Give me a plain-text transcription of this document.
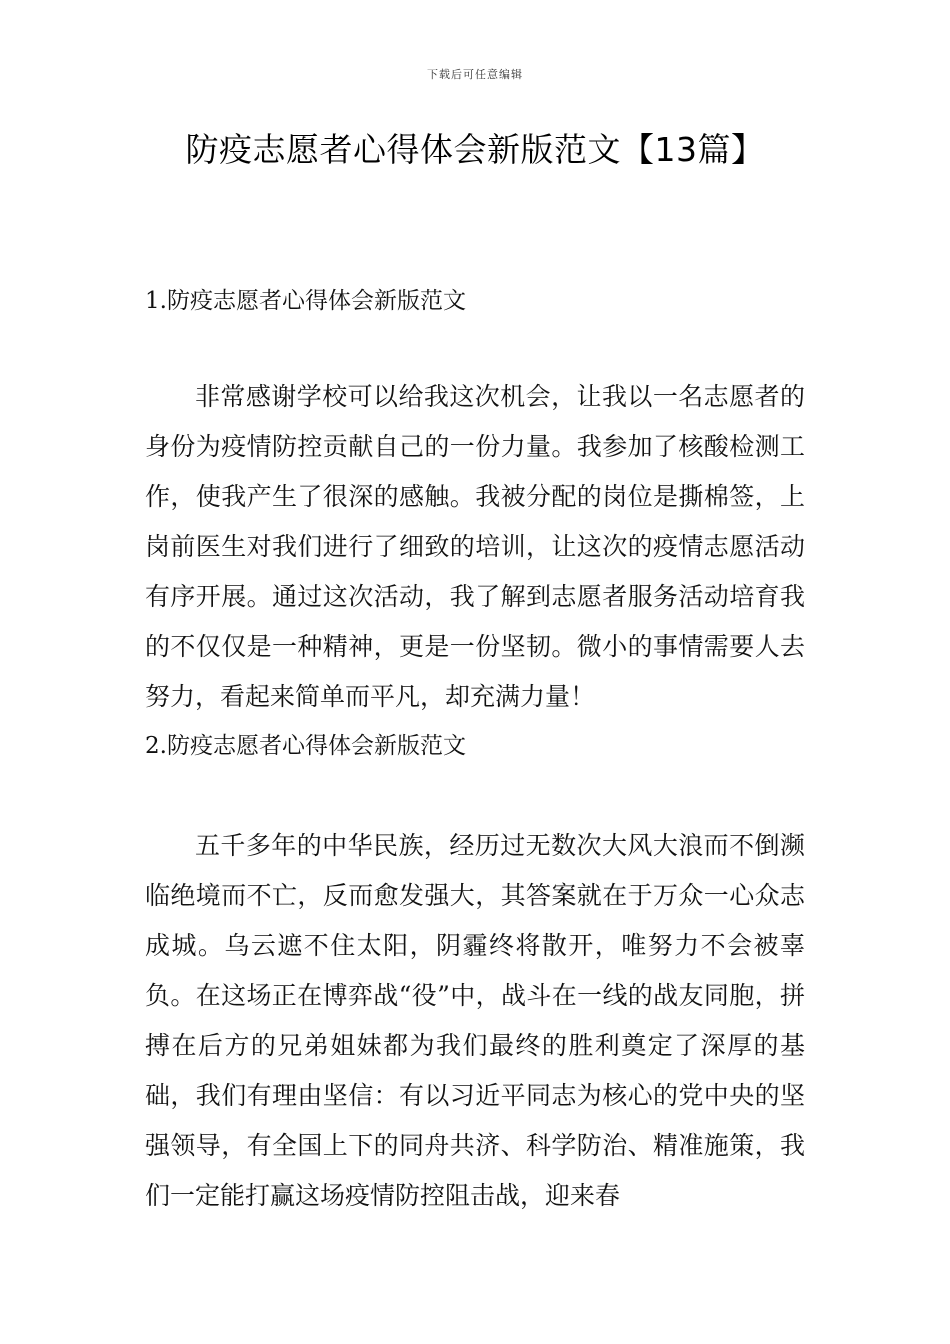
下载后可任意编辑
防疫志愿者心得体会新版范文【13篇】
1.防疫志愿者心得体会新版范文

非常感谢学校可以给我这次机会，让我以一名志愿者的身份为疫情防控贡献自己的一份力量。我参加了核酸检测工作，使我产生了很深的感触。我被分配的岗位是撕棉签，上岗前医生对我们进行了细致的培训，让这次的疫情志愿活动有序开展。通过这次活动，我了解到志愿者服务活动培育我的不仅仅是一种精神，更是一份坚韧。微小的事情需要人去努力，看起来简单而平凡，却充满力量！

2.防疫志愿者心得体会新版范文

五千多年的中华民族，经历过无数次大风大浪而不倒濒临绝境而不亡，反而愈发强大，其答案就在于万众一心众志成城。乌云遮不住太阳，阴霾终将散开，唯努力不会被辜负。在这场正在博弈战“役”中，战斗在一线的战友同胞，拼搏在后方的兄弟姐妹都为我们最终的胜利奠定了深厚的基础，我们有理由坚信：有以习近平同志为核心的党中央的坚强领导，有全国上下的同舟共济、科学防治、精准施策，我们一定能打赢这场疫情防控阻击战，迎来春
